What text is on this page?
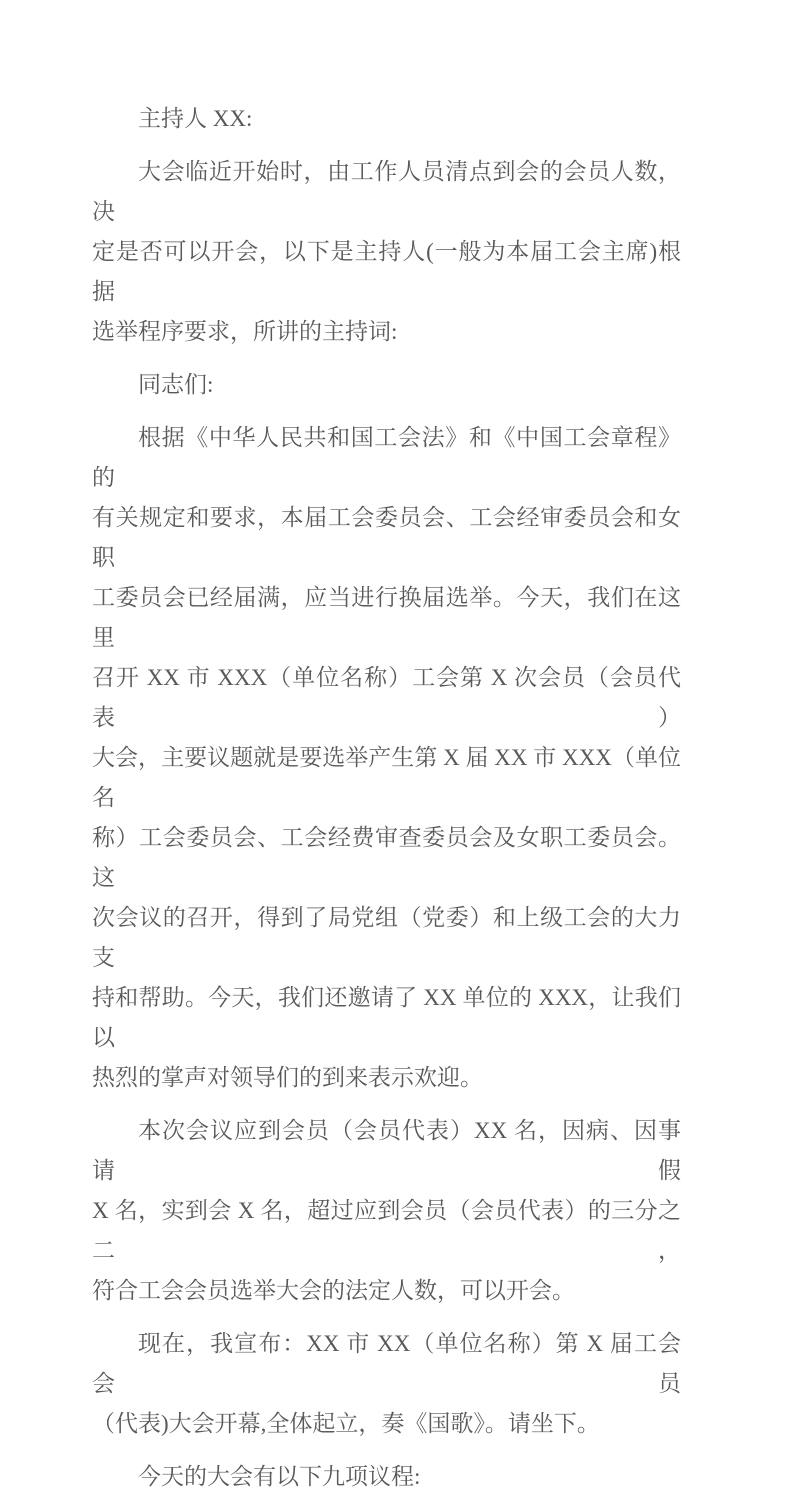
主持人 XX:
大会临近开始时，由工作人员清点到会的会员人数，决
定是否可以开会，以下是主持人(一般为本届工会主席)根据
选举程序要求，所讲的主持词:
同志们:
根据《中华人民共和国工会法》和《中国工会章程》的
有关规定和要求，本届工会委员会、工会经审委员会和女职
工委员会已经届满，应当进行换届选举。今天，我们在这里
召开 XX 市 XXX（单位名称）工会第 X 次会员（会员代表）
大会，主要议题就是要选举产生第 X 届 XX 市 XXX（单位名
称）工会委员会、工会经费审查委员会及女职工委员会。这
次会议的召开，得到了局党组（党委）和上级工会的大力支
持和帮助。今天，我们还邀请了 XX 单位的 XXX，让我们以
热烈的掌声对领导们的到来表示欢迎。
本次会议应到会员（会员代表）XX 名，因病、因事请假
X 名，实到会 X 名，超过应到会员（会员代表）的三分之二，
符合工会会员选举大会的法定人数，可以开会。
现在，我宣布：XX 市 XX（单位名称）第 X 届工会会员
（代表)大会开幕,全体起立，奏《国歌》。请坐下。
今天的大会有以下九项议程:
